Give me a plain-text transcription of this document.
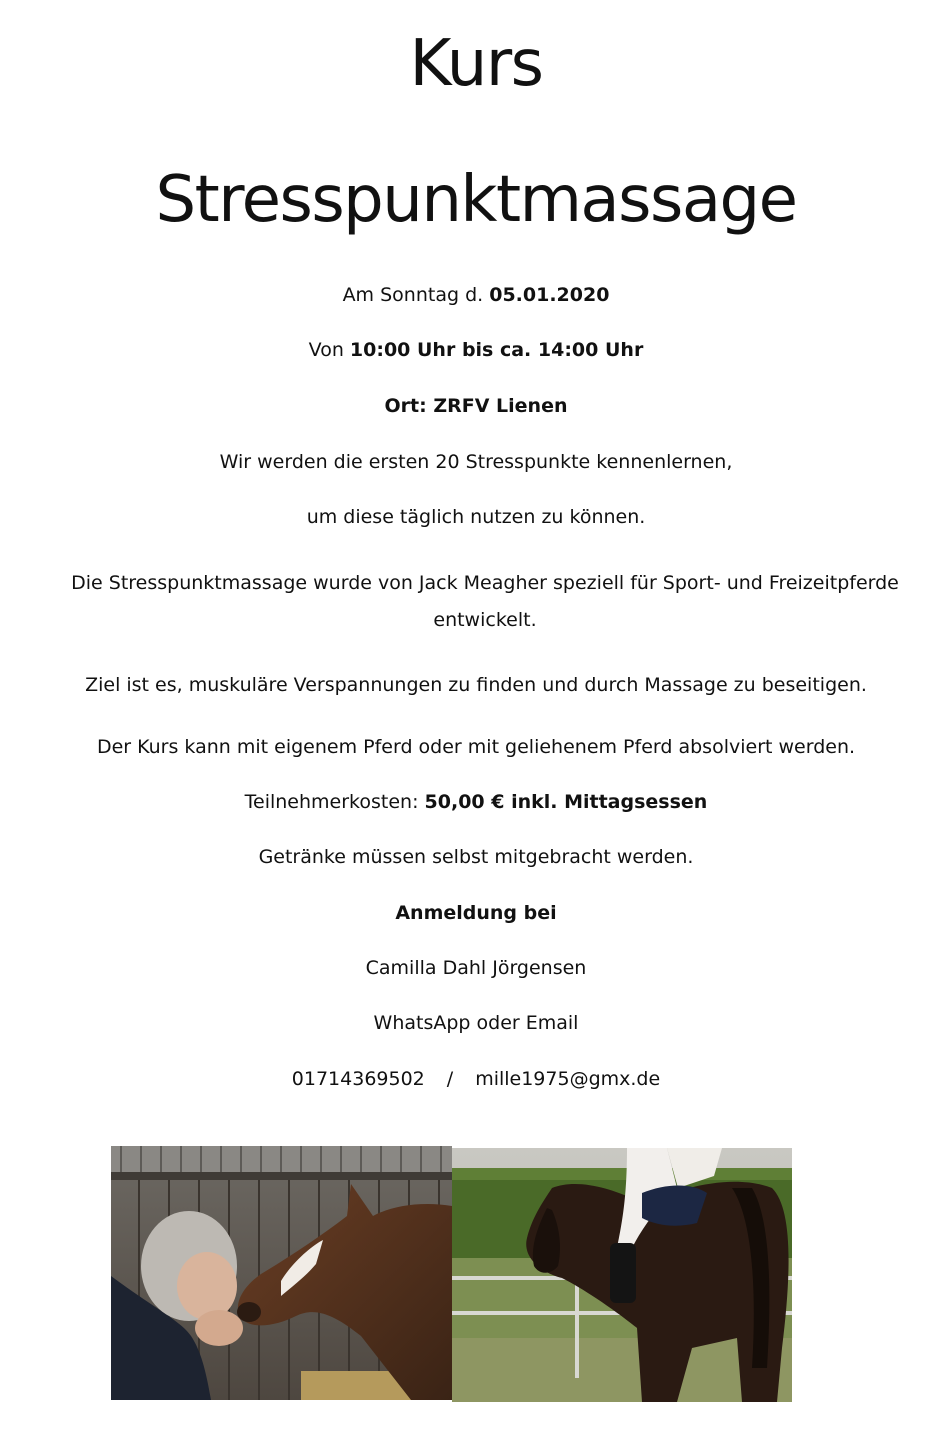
Kurs
Stresspunktmassage

Am Sonntag d. 05.01.2020

Von 10:00 Uhr bis ca. 14:00 Uhr

Ort: ZRFV Lienen

Wir werden die ersten 20 Stresspunkte kennenlernen,

um diese täglich nutzen zu können.

Die Stresspunktmassage wurde von Jack Meagher speziell für Sport- und Freizeitpferde entwickelt.

Ziel ist es, muskuläre Verspannungen zu finden und durch Massage zu beseitigen.

Der Kurs kann mit eigenem Pferd oder mit geliehenem Pferd absolviert werden.

Teilnehmerkosten: 50,00 € inkl. Mittagsessen

Getränke müssen selbst mitgebracht werden.

Anmeldung bei

Camilla Dahl Jörgensen

WhatsApp oder Email

01714369502 / mille1975@gmx.de
